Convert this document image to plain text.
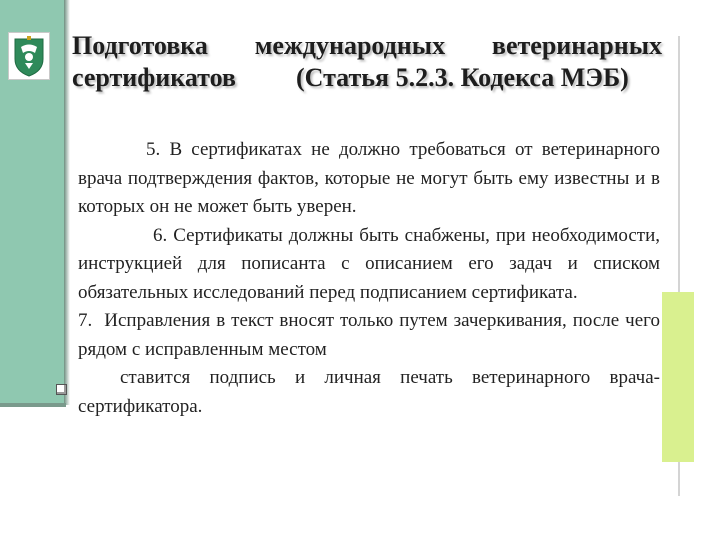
Подготовка международных ветеринарных
сертификатов (Статья 5.2.3. Кодекса МЭБ)

5. В сертификатах не должно требоваться от ветеринарного врача подтверждения фактов, которые не могут быть ему известны и в которых он не может быть уверен.

6. Сертификаты должны быть снабжены, при необходимости, инструкцией для пописанта с описанием его задач и списком обязательных исследований перед подписанием сертификата.

7. Исправления в текст вносят только путем зачеркивания, после чего рядом с исправленным местом

ставится подпись и личная печать ветеринарного врача-сертификатора.
